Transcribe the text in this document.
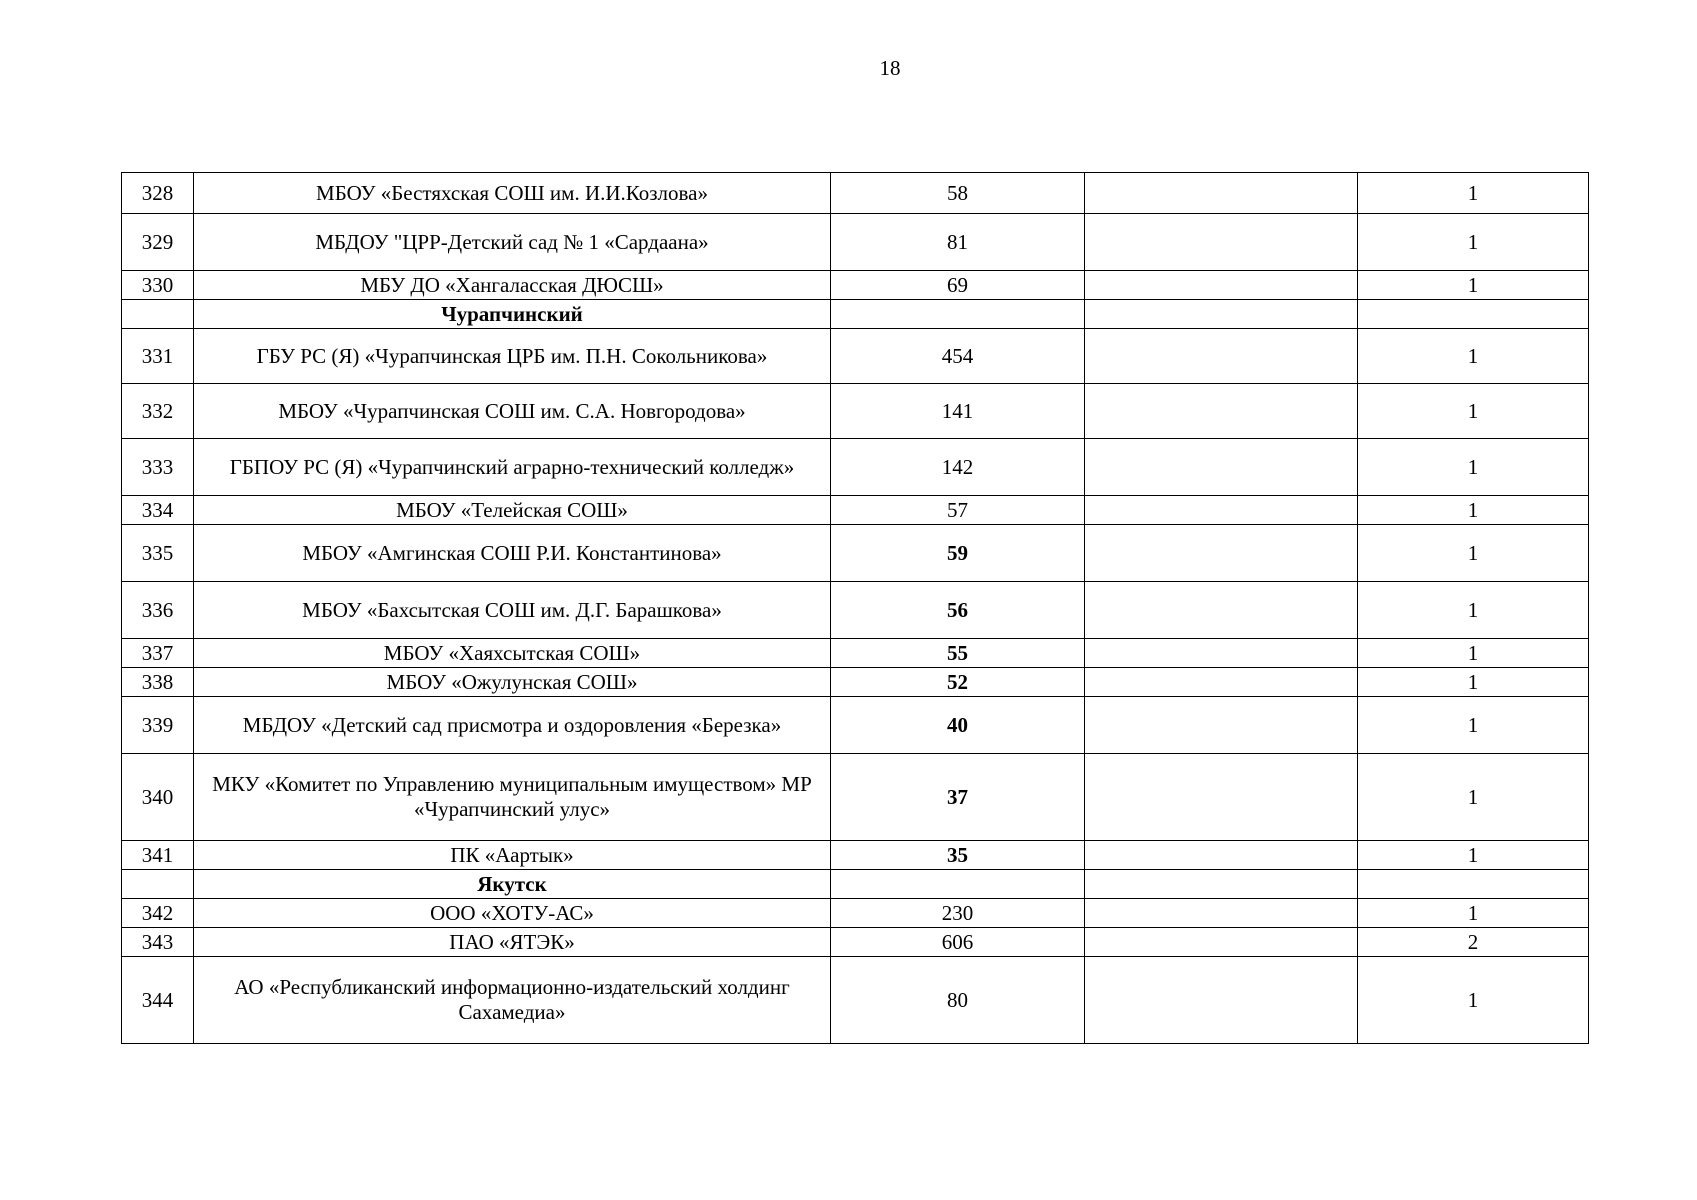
18
328	МБОУ «Бестяхская СОШ им. И.И.Козлова»	58		1
329	МБДОУ "ЦРР-Детский сад № 1 «Сардаана»	81		1
330	МБУ ДО «Хангаласская ДЮСШ»	69		1
	Чурапчинский			
331	ГБУ РС (Я) «Чурапчинская ЦРБ им. П.Н. Сокольникова»	454		1
332	МБОУ «Чурапчинская СОШ им. С.А. Новгородова»	141		1
333	ГБПОУ РС (Я) «Чурапчинский аграрно-технический колледж»	142		1
334	МБОУ «Телейская СОШ»	57		1
335	МБОУ «Амгинская СОШ Р.И. Константинова»	59		1
336	МБОУ «Бахсытская СОШ им. Д.Г. Барашкова»	56		1
337	МБОУ «Хаяхсытская СОШ»	55		1
338	МБОУ «Ожулунская СОШ»	52		1
339	МБДОУ «Детский сад присмотра и оздоровления «Березка»	40		1
340	МКУ «Комитет по Управлению муниципальным имуществом» МР «Чурапчинский улус»	37		1
341	ПК «Аартык»	35		1
	Якутск			
342	ООО «ХОТУ-АС»	230		1
343	ПАО «ЯТЭК»	606		2
344	АО «Республиканский информационно-издательский холдинг Сахамедиа»	80		1
